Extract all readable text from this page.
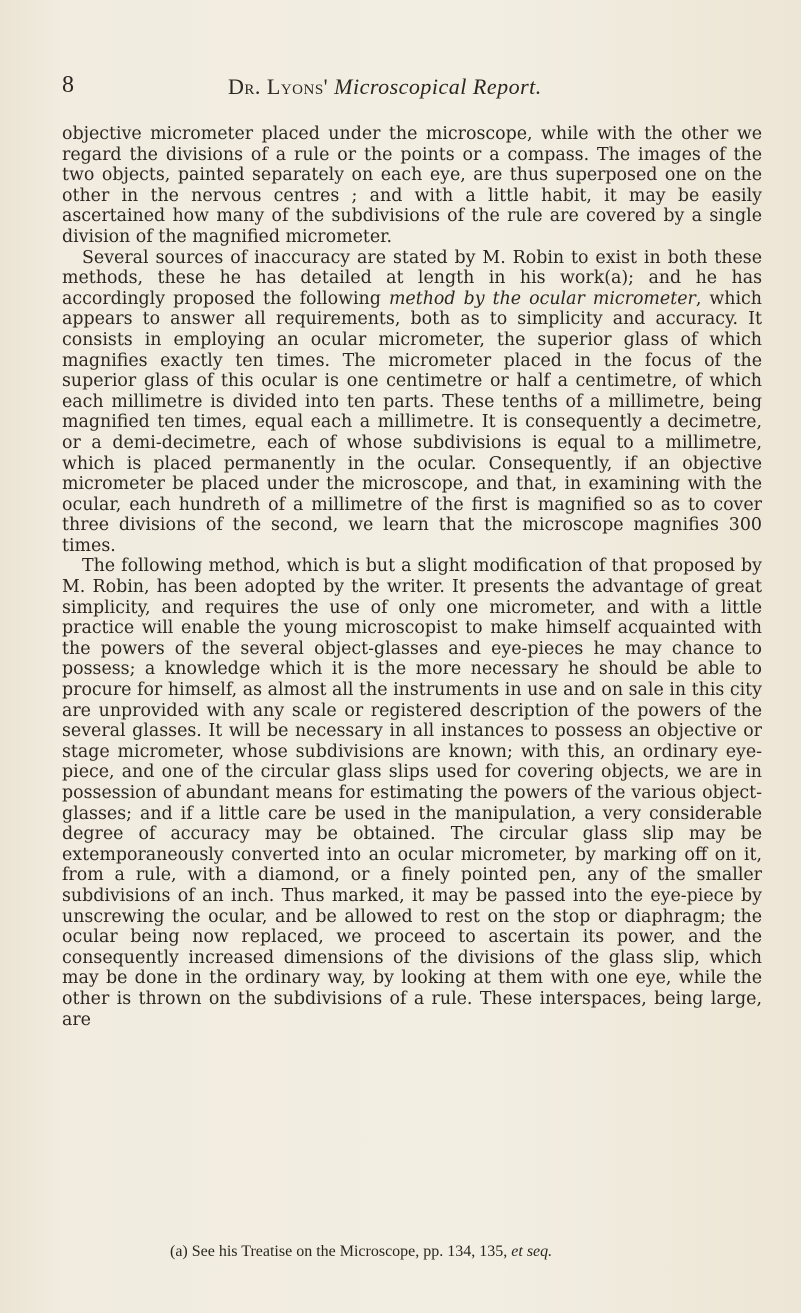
8	Dr. Lyons' Microscopical Report.

objective micrometer placed under the microscope, while with the other we regard the divisions of a rule or the points or a compass. The images of the two objects, painted separately on each eye, are thus superposed one on the other in the nervous centres ; and with a little habit, it may be easily ascertained how many of the subdivisions of the rule are covered by a single division of the magnified micrometer.

Several sources of inaccuracy are stated by M. Robin to exist in both these methods, these he has detailed at length in his work(a); and he has accordingly proposed the following method by the ocular micrometer, which appears to answer all requirements, both as to simplicity and accuracy. It consists in employing an ocular micrometer, the superior glass of which magnifies exactly ten times. The micrometer placed in the focus of the superior glass of this ocular is one centimetre or half a centimetre, of which each millimetre is divided into ten parts. These tenths of a millimetre, being magnified ten times, equal each a millimetre. It is consequently a decimetre, or a demi-decimetre, each of whose subdivisions is equal to a millimetre, which is placed permanently in the ocular. Consequently, if an objective micrometer be placed under the microscope, and that, in examining with the ocular, each hundreth of a millimetre of the first is magnified so as to cover three divisions of the second, we learn that the microscope magnifies 300 times.

The following method, which is but a slight modification of that proposed by M. Robin, has been adopted by the writer. It presents the advantage of great simplicity, and requires the use of only one micrometer, and with a little practice will enable the young microscopist to make himself acquainted with the powers of the several object-glasses and eye-pieces he may chance to possess; a knowledge which it is the more necessary he should be able to procure for himself, as almost all the instruments in use and on sale in this city are unprovided with any scale or registered description of the powers of the several glasses. It will be necessary in all instances to possess an objective or stage micrometer, whose subdivisions are known; with this, an ordinary eye-piece, and one of the circular glass slips used for covering objects, we are in possession of abundant means for estimating the powers of the various object-glasses; and if a little care be used in the manipulation, a very considerable degree of accuracy may be obtained. The circular glass slip may be extemporaneously converted into an ocular micrometer, by marking off on it, from a rule, with a diamond, or a finely pointed pen, any of the smaller subdivisions of an inch. Thus marked, it may be passed into the eye-piece by unscrewing the ocular, and be allowed to rest on the stop or diaphragm; the ocular being now replaced, we proceed to ascertain its power, and the consequently increased dimensions of the divisions of the glass slip, which may be done in the ordinary way, by looking at them with one eye, while the other is thrown on the subdivisions of a rule. These interspaces, being large, are

(a) See his Treatise on the Microscope, pp. 134, 135, et seq.
